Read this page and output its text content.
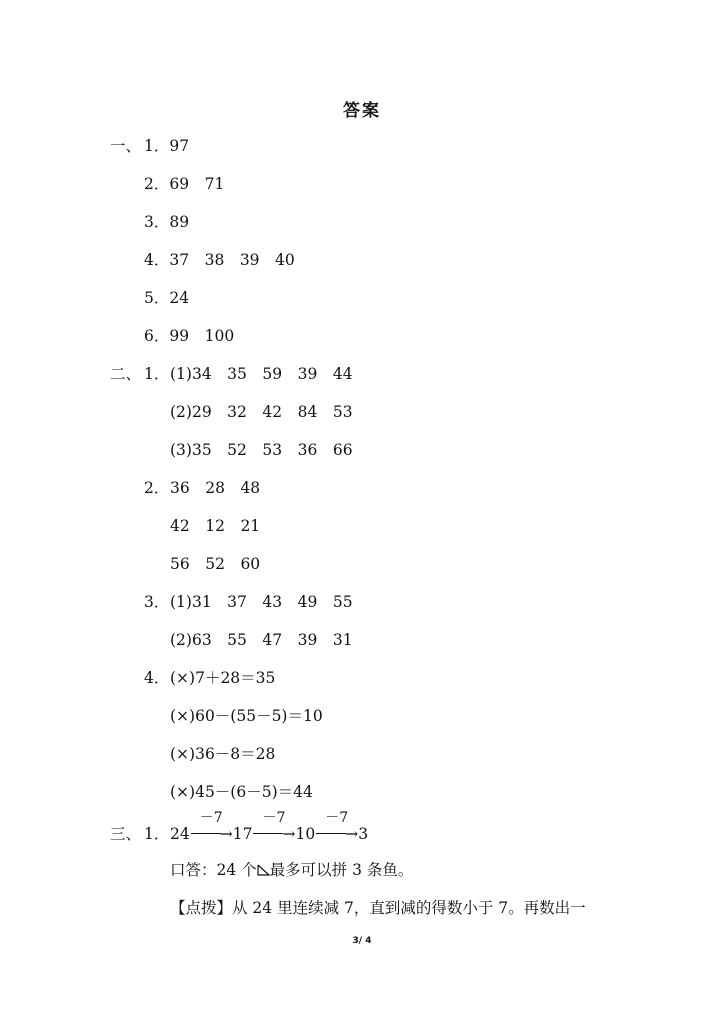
答案
一、 1．97
2．69　71
3．89
4．37　38　39　40
5．24
6．99　100
二、 1． (1)34　35　59　39　44
(2)29　32　42　84　53
(3)35　52　53　36　66
2． 36　28　48
42　12　21
56　52　60
3． (1)31　37　43　49　55
(2)63　55　47　39　31
4． (×)7＋28＝35
(×)60－(55－5)＝10
(×)36－8＝28
(×)45－(6－5)＝44
三、 1． 24
－7
→17
－7
→10
－7
→3
口答：24 个 最多可以拼 3 条鱼。
【点拨】从 24 里连续减 7，直到减的得数小于 7。再数出一
3/ 4
